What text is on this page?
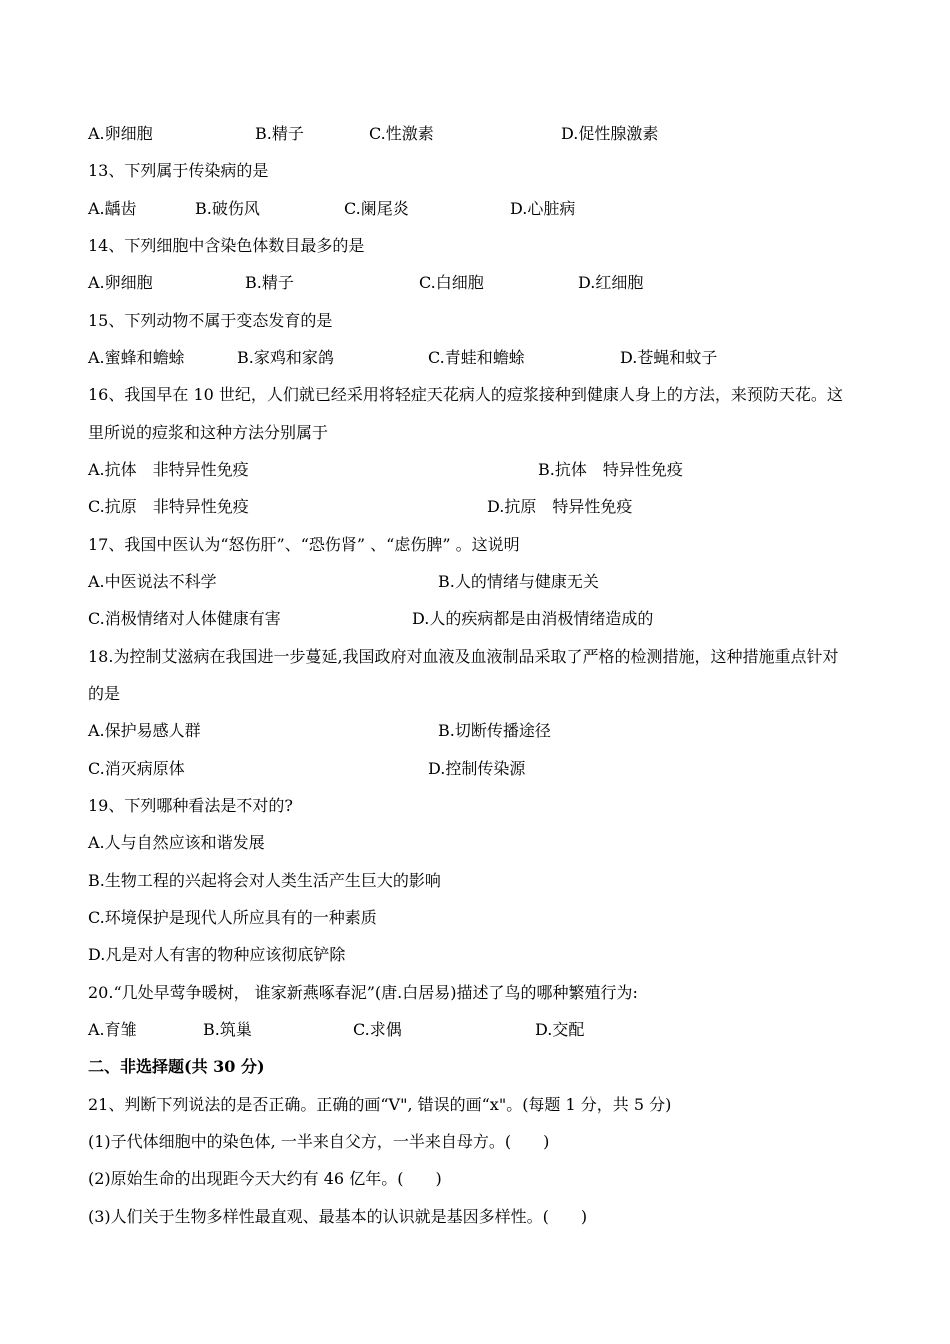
A.卵细胞	B.精子	C.性激素	D.促性腺激素
13、下列属于传染病的是
A.龋齿	B.破伤风	C.阑尾炎	D.心脏病
14、下列细胞中含染色体数目最多的是
A.卵细胞	B.精子	C.白细胞	D.红细胞
15、下列动物不属于变态发育的是
A.蜜蜂和蟾蜍	B.家鸡和家鸽	C.青蛙和蟾蜍	D.苍蝇和蚊子
16、我国早在 10 世纪，人们就已经采用将轻症天花病人的痘浆接种到健康人身上的方法，来预防天花。这
里所说的痘浆和这种方法分别属于
A.抗体　非特异性免疫	B.抗体　特异性免疫
C.抗原　非特异性免疫	D.抗原　特异性免疫
17、我国中医认为“怒伤肝”、“恐伤肾” 、“虑伤脾” 。这说明
A.中医说法不科学	B.人的情绪与健康无关
C.消极情绪对人体健康有害	D.人的疾病都是由消极情绪造成的
18.为控制艾滋病在我国进一步蔓延,我国政府对血液及血液制品采取了严格的检测措施，这种措施重点针对
的是
A.保护易感人群	B.切断传播途径
C.消灭病原体	D.控制传染源
19、下列哪种看法是不对的?
A.人与自然应该和谐发展
B.生物工程的兴起将会对人类生活产生巨大的影响
C.环境保护是现代人所应具有的一种素质
D.凡是对人有害的物种应该彻底铲除
20.“几处早莺争暖树， 谁家新燕啄春泥”(唐.白居易)描述了鸟的哪种繁殖行为:
A.育雏	B.筑巢	C.求偶	D.交配
二、非选择题(共 30 分)
21、判断下列说法的是否正确。正确的画“V", 错误的画“x"。(每题 1 分，共 5 分)
(1)子代体细胞中的染色体, 一半来自父方，一半来自母方。(　　)
(2)原始生命的出现距今天大约有 46 亿年。(　　)
(3)人们关于生物多样性最直观、最基本的认识就是基因多样性。(　　)
